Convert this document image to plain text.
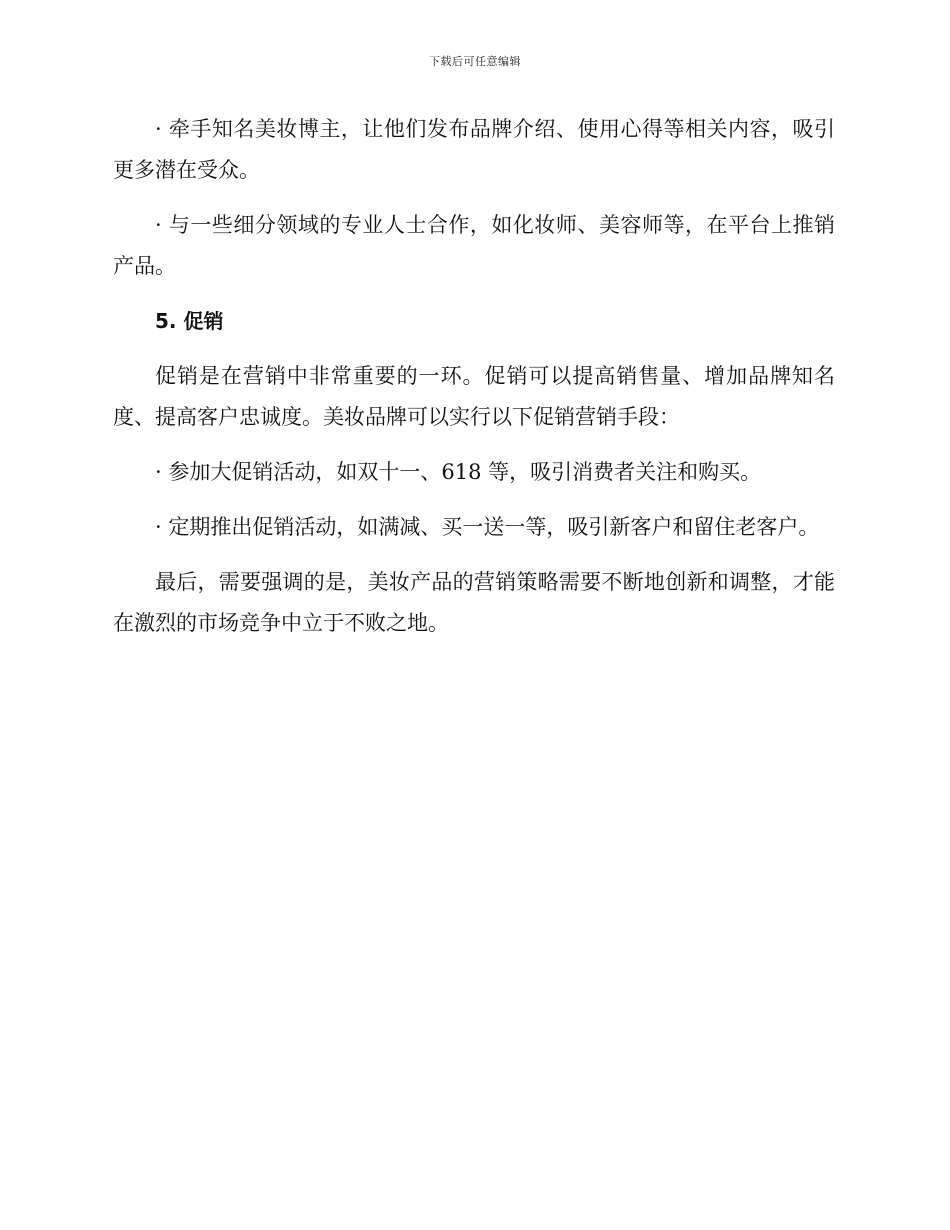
下载后可任意编辑

· 牵手知名美妆博主，让他们发布品牌介绍、使用心得等相关内容，吸引更多潜在受众。

· 与一些细分领域的专业人士合作，如化妆师、美容师等，在平台上推销产品。

5. 促销

促销是在营销中非常重要的一环。促销可以提高销售量、增加品牌知名度、提高客户忠诚度。美妆品牌可以实行以下促销营销手段：

· 参加大促销活动，如双十一、618 等，吸引消费者关注和购买。

· 定期推出促销活动，如满减、买一送一等，吸引新客户和留住老客户。

最后，需要强调的是，美妆产品的营销策略需要不断地创新和调整，才能在激烈的市场竞争中立于不败之地。
